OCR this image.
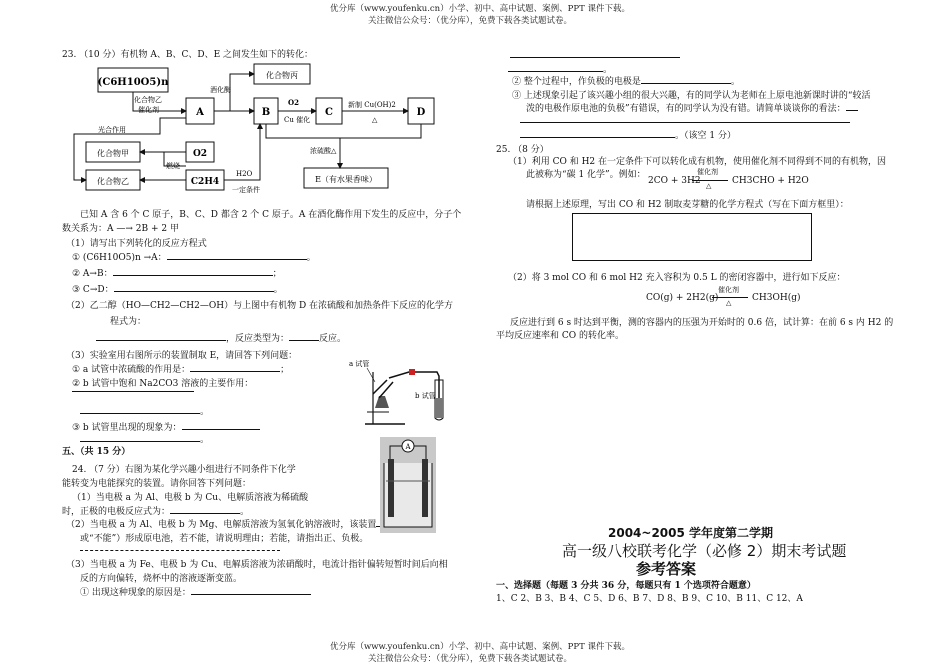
优分库（www.youfenku.cn）小学、初中、高中试题、案例、PPT 课件下载。
关注微信公众号：（优分库），免费下载各类试题试卷。
23. （10 分）有机物 A、B、C、D、E 之间发生如下的转化：
(C6H10O5)n
A
化合物丙
B	C	D
化合物甲	O2
化合物乙	C2H4	E（有水果香味）
化合物乙
催化剂
酒化酶
O2
Cu 催化
新制 Cu(OH)2
△
浓硫酸△
光合作用
燃烧
H2O
一定条件
已知 A 含 6 个 C 原子，B、C、D 都含 2 个 C 原子。A 在酒化酶作用下发生的反应中，分子个
数关系为：A —→ 2B + 2 甲
（1）请写出下列转化的反应方程式
① (C6H10O5)n →A：	。
② A→B：	；
③ C→D：	。
（2）乙二醇（HO—CH2—CH2—OH）与上图中有机物 D 在浓硫酸和加热条件下反应的化学方
程式为：
，反应类型为：	反应。
（3）实验室用右图所示的装置制取 E，请回答下列问题：
① a 试管中浓硫酸的作用是：	；
② b 试管中饱和 Na2CO3 溶液的主要作用：
。
③ b 试管里出现的现象为：
。
a 试管
b 试管
五、（共 15 分）
24. （7 分）右图为某化学兴趣小组进行不同条件下化学
能转变为电能探究的装置。请你回答下列问题：
（1）当电极 a 为 Al、电极 b 为 Cu、电解质溶液为稀硫酸
时，正极的电极反应式为：	。
（2）当电极 a 为 Al、电极 b 为 Mg、电解质溶液为氢氧化钠溶液时，该装置
或“不能”）形成原电池，若不能，请说明理由；若能，请指出正、负极。
（3）当电极 a 为 Fe、电极 b 为 Cu、电解质溶液为浓硝酸时，电流计指针偏转短暂时间后向相
反的方向偏转，烧杯中的溶液逐渐变蓝。
① 出现这种现象的原因是：
A
。
② 整个过程中，作负极的电极是	。
③ 上述现象引起了该兴趣小组的很大兴趣，有的同学认为老师在上原电池新课时讲的“较活
泼的电极作原电池的负极”有错误，有的同学认为没有错。请简单谈谈你的看法：
。（该空 1 分）
25. （8 分）
（1）利用 CO 和 H2 在一定条件下可以转化成有机物，使用催化剂不同得到不同的有机物，因
此被称为“碳 1 化学”。例如：
2CO + 3H2
催化剂
△ CH3CHO + H2O
请根据上述原理，写出 CO 和 H2 制取麦芽糖的化学方程式（写在下面方框里）：
（2）将 3 mol CO 和 6 mol H2 充入容积为 0.5 L 的密闭容器中，进行如下反应：
CO(g) + 2H2(g)
催化剂
△ CH3OH(g)
反应进行到 6 s 时达到平衡，测的容器内的压强为开始时的 0.6 倍，试计算：在前 6 s 内 H2 的
平均反应速率和 CO 的转化率。
2004~2005 学年度第二学期
高一级八校联考化学（必修 2）期末考试题
参考答案
一、选择题（每题 3 分共 36 分，每题只有 1 个选项符合题意）
1、C 2、B 3、B 4、C 5、D 6、B 7、D 8、B 9、C 10、B 11、C 12、A
优分库（www.youfenku.cn）小学、初中、高中试题、案例、PPT 课件下载。
关注微信公众号：（优分库），免费下载各类试题试卷。
